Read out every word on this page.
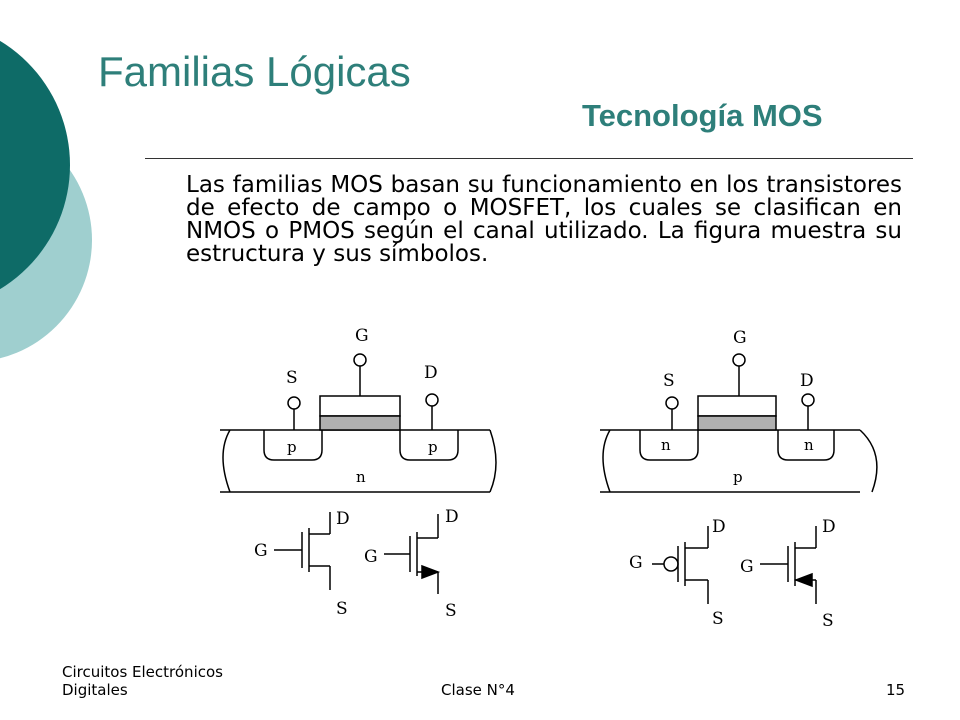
Familias Lógicas
Tecnología MOS

Las familias MOS basan su funcionamiento en los transistores de efecto de campo o MOSFET, los cuales se clasifican en NMOS o PMOS según el canal utilizado. La figura muestra su estructura y sus símbolos.

G
S	D
p	p
n
G
D
S
G
D
S
G
S	D
n	n
p
G
D
S
G
D
S
Circuitos Electrónicos Digitales	Clase N°4	15
